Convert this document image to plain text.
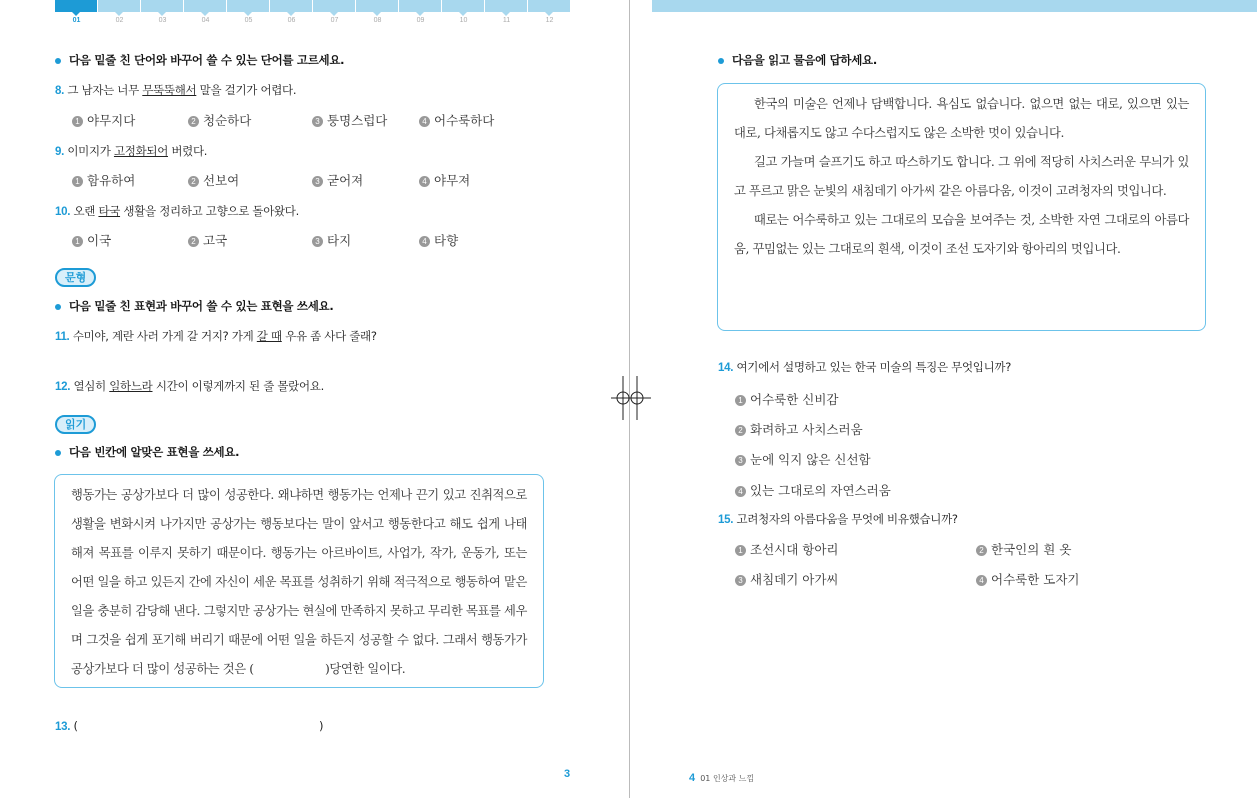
01	02	03	04	05	06	07	08	09	10	11	12
다음 밑줄 친 단어와 바꾸어 쓸 수 있는 단어를 고르세요.
8. 그 남자는 너무 무뚝뚝해서 말을 걸기가 어렵다.
1 야무지다	2 청순하다	3 퉁명스럽다	4 어수룩하다
9. 이미지가 고정화되어 버렸다.
1 함유하여	2 선보여	3 굳어져	4 야무져
10. 오랜 타국 생활을 정리하고 고향으로 돌아왔다.
1 이국	2 고국	3 타지	4 타향
문형
다음 밑줄 친 표현과 바꾸어 쓸 수 있는 표현을 쓰세요.
11. 수미야, 계란 사러 가게 갈 거지? 가게 갈 때 우유 좀 사다 줄래?
12. 열심히 일하느라 시간이 이렇게까지 된 줄 몰랐어요.
읽기
다음 빈칸에 알맞은 표현을 쓰세요.
행동가는 공상가보다 더 많이 성공한다. 왜냐하면 행동가는 언제나 끈기 있고 진취적으로 생활을 변화시켜 나가지만 공상가는 행동보다는 말이 앞서고 행동한다고 해도 쉽게 나태해져 목표를 이루지 못하기 때문이다. 행동가는 아르바이트, 사업가, 작가, 운동가, 또는 어떤 일을 하고 있든지 간에 자신이 세운 목표를 성취하기 위해 적극적으로 행동하여 맡은 일을 충분히 감당해 낸다. 그렇지만 공상가는 현실에 만족하지 못하고 무리한 목표를 세우며 그것을 쉽게 포기해 버리기 때문에 어떤 일을 하든지 성공할 수 없다. 그래서 행동가가 공상가보다 더 많이 성공하는 것은 (　　　　　　)당연한 일이다.
13. (	)
3
다음을 읽고 물음에 답하세요.
한국의 미술은 언제나 담백합니다. 욕심도 없습니다. 없으면 없는 대로, 있으면 있는 대로, 다채롭지도 않고 수다스럽지도 않은 소박한 멋이 있습니다.
길고 가늘며 슬프기도 하고 따스하기도 합니다. 그 위에 적당히 사치스러운 무늬가 있고 푸르고 맑은 눈빛의 새침데기 아가씨 같은 아름다움, 이것이 고려청자의 멋입니다.
때로는 어수룩하고 있는 그대로의 모습을 보여주는 것, 소박한 자연 그대로의 아름다움, 꾸밈없는 있는 그대로의 흰색, 이것이 조선 도자기와 항아리의 멋입니다.
14. 여기에서 설명하고 있는 한국 미술의 특징은 무엇입니까?
1 어수룩한 신비감
2 화려하고 사치스러움
3 눈에 익지 않은 신선함
4 있는 그대로의 자연스러움
15. 고려청자의 아름다움을 무엇에 비유했습니까?
1 조선시대 항아리	2 한국인의 흰 옷
3 새침데기 아가씨	4 어수룩한 도자기
4 01 인상과 느낌
